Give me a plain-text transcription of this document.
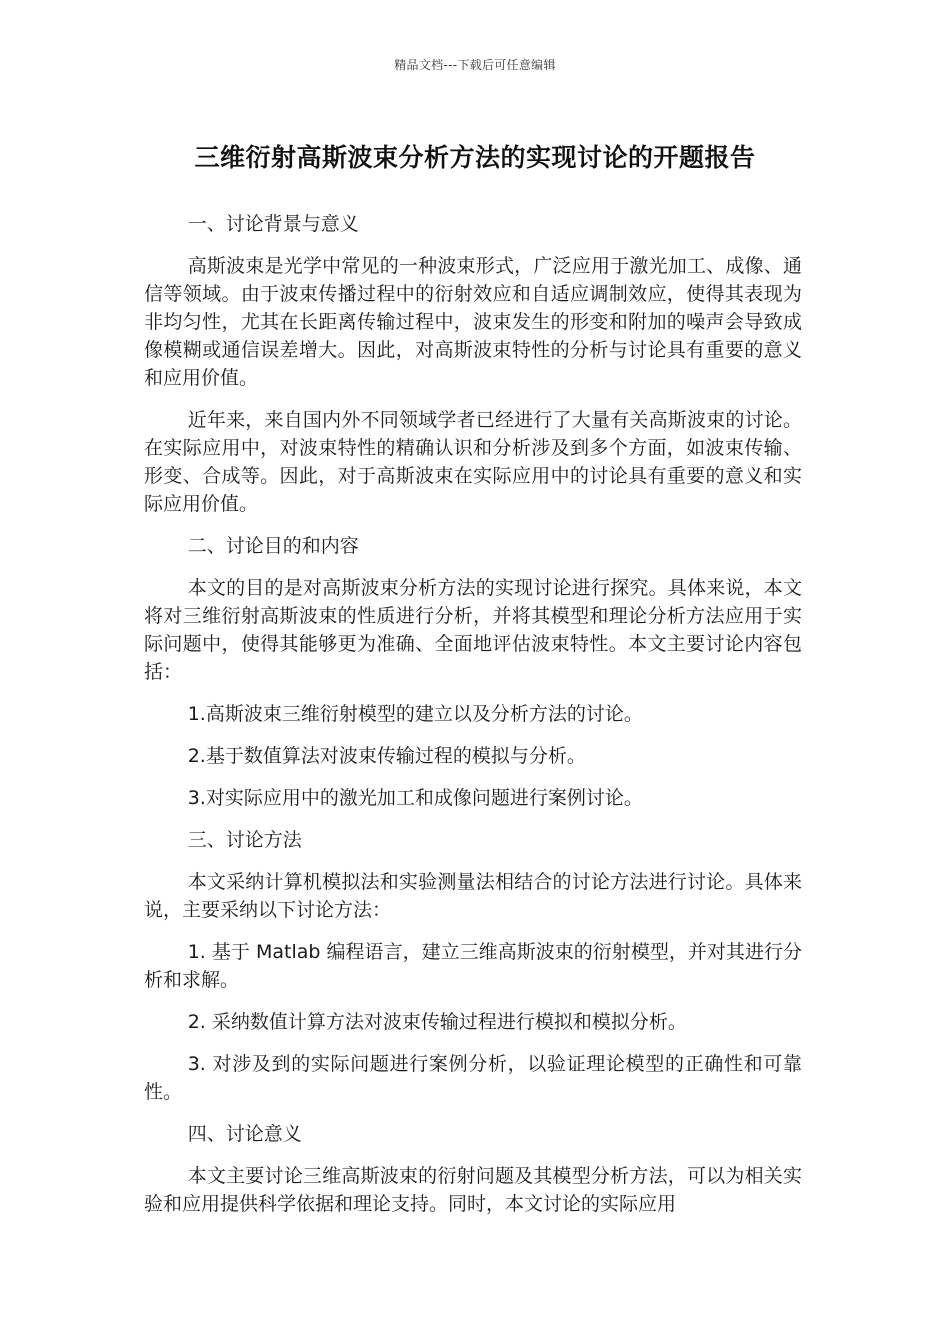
精品文档---下载后可任意编辑
三维衍射高斯波束分析方法的实现讨论的开题报告

一、讨论背景与意义

高斯波束是光学中常见的一种波束形式，广泛应用于激光加工、成像、通信等领域。由于波束传播过程中的衍射效应和自适应调制效应，使得其表现为非均匀性，尤其在长距离传输过程中，波束发生的形变和附加的噪声会导致成像模糊或通信误差增大。因此，对高斯波束特性的分析与讨论具有重要的意义和应用价值。

近年来，来自国内外不同领域学者已经进行了大量有关高斯波束的讨论。在实际应用中，对波束特性的精确认识和分析涉及到多个方面，如波束传输、形变、合成等。因此，对于高斯波束在实际应用中的讨论具有重要的意义和实际应用价值。

二、讨论目的和内容

本文的目的是对高斯波束分析方法的实现讨论进行探究。具体来说，本文将对三维衍射高斯波束的性质进行分析，并将其模型和理论分析方法应用于实际问题中，使得其能够更为准确、全面地评估波束特性。本文主要讨论内容包括：

1.高斯波束三维衍射模型的建立以及分析方法的讨论。

2.基于数值算法对波束传输过程的模拟与分析。

3.对实际应用中的激光加工和成像问题进行案例讨论。

三、讨论方法

本文采纳计算机模拟法和实验测量法相结合的讨论方法进行讨论。具体来说，主要采纳以下讨论方法：

1. 基于 Matlab 编程语言，建立三维高斯波束的衍射模型，并对其进行分析和求解。

2. 采纳数值计算方法对波束传输过程进行模拟和模拟分析。

3. 对涉及到的实际问题进行案例分析，以验证理论模型的正确性和可靠性。

四、讨论意义

本文主要讨论三维高斯波束的衍射问题及其模型分析方法，可以为相关实验和应用提供科学依据和理论支持。同时，本文讨论的实际应用
